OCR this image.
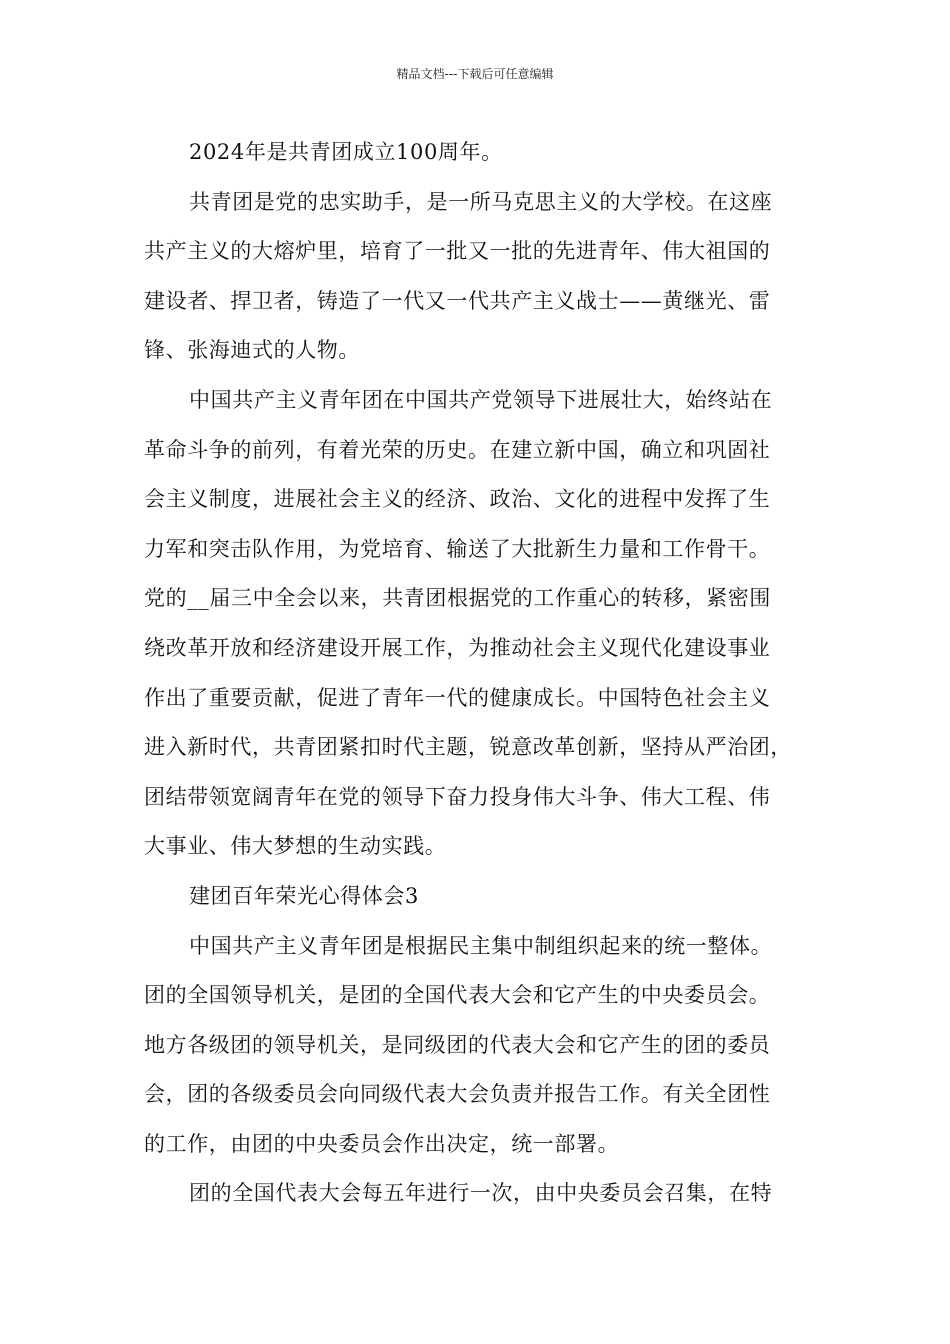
精品文档---下载后可任意编辑
2024年是共青团成立100周年。
共青团是党的忠实助手，是一所马克思主义的大学校。在这座
共产主义的大熔炉里，培育了一批又一批的先进青年、伟大祖国的
建设者、捍卫者，铸造了一代又一代共产主义战士——黄继光、雷
锋、张海迪式的人物。
中国共产主义青年团在中国共产党领导下进展壮大，始终站在
革命斗争的前列，有着光荣的历史。在建立新中国，确立和巩固社
会主义制度，进展社会主义的经济、政治、文化的进程中发挥了生
力军和突击队作用，为党培育、输送了大批新生力量和工作骨干。
党的__届三中全会以来，共青团根据党的工作重心的转移，紧密围
绕改革开放和经济建设开展工作，为推动社会主义现代化建设事业
作出了重要贡献，促进了青年一代的健康成长。中国特色社会主义
进入新时代，共青团紧扣时代主题，锐意改革创新，坚持从严治团，
团结带领宽阔青年在党的领导下奋力投身伟大斗争、伟大工程、伟
大事业、伟大梦想的生动实践。
建团百年荣光心得体会3
中国共产主义青年团是根据民主集中制组织起来的统一整体。
团的全国领导机关，是团的全国代表大会和它产生的中央委员会。
地方各级团的领导机关，是同级团的代表大会和它产生的团的委员
会，团的各级委员会向同级代表大会负责并报告工作。有关全团性
的工作，由团的中央委员会作出决定，统一部署。
团的全国代表大会每五年进行一次，由中央委员会召集，在特
